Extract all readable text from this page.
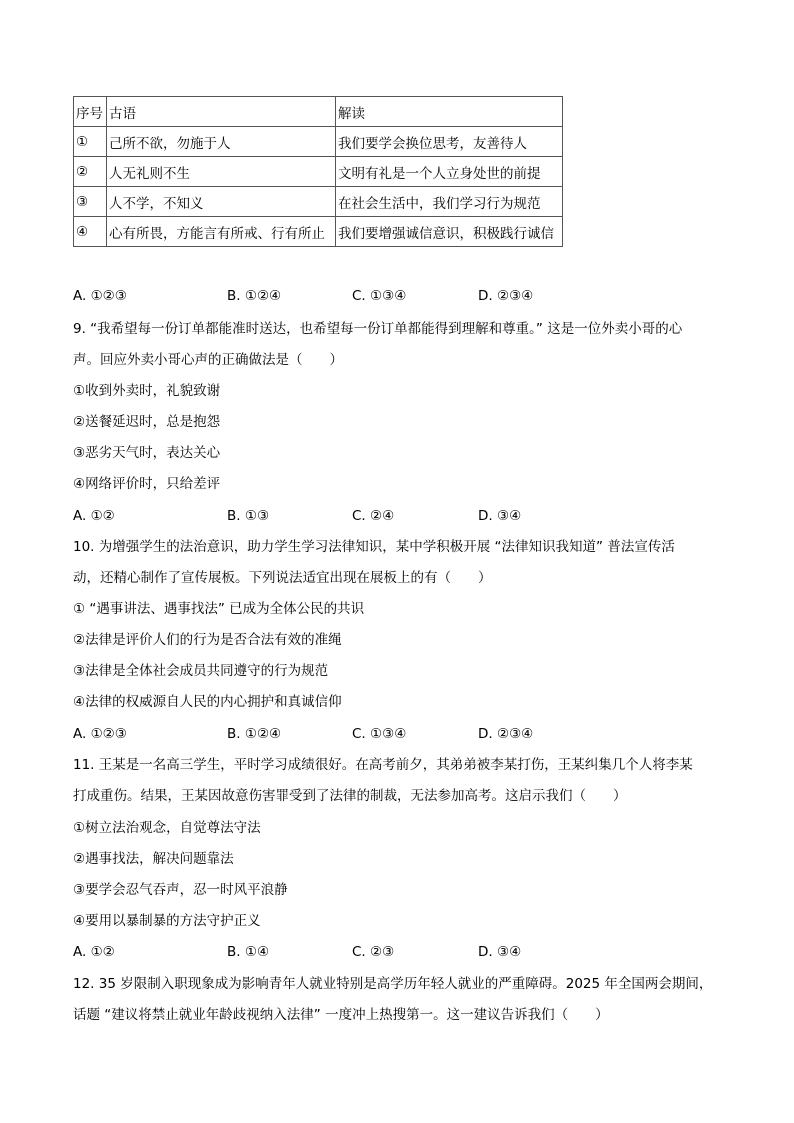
序号	古语	解读
①	己所不欲，勿施于人	我们要学会换位思考，友善待人
②	人无礼则不生	文明有礼是一个人立身处世的前提
③	人不学，不知义	在社会生活中，我们学习行为规范
④	心有所畏，方能言有所戒、行有所止	我们要增强诚信意识，积极践行诚信
A. ①②③	B. ①②④	C. ①③④	D. ②③④
9. “我希望每一份订单都能准时送达，也希望每一份订单都能得到理解和尊重。” 这是一位外卖小哥的心
声。回应外卖小哥心声的正确做法是（　　）
①收到外卖时，礼貌致谢
②送餐延迟时，总是抱怨
③恶劣天气时，表达关心
④网络评价时，只给差评
A. ①②	B. ①③	C. ②④	D. ③④
10. 为增强学生的法治意识，助力学生学习法律知识，某中学积极开展 “法律知识我知道” 普法宣传活
动，还精心制作了宣传展板。下列说法适宜出现在展板上的有（　　）
① “遇事讲法、遇事找法” 已成为全体公民的共识
②法律是评价人们的行为是否合法有效的准绳
③法律是全体社会成员共同遵守的行为规范
④法律的权威源自人民的内心拥护和真诚信仰
A. ①②③	B. ①②④	C. ①③④	D. ②③④
11. 王某是一名高三学生，平时学习成绩很好。在高考前夕，其弟弟被李某打伤，王某纠集几个人将李某
打成重伤。结果，王某因故意伤害罪受到了法律的制裁，无法参加高考。这启示我们（　　）
①树立法治观念，自觉尊法守法
②遇事找法，解决问题靠法
③要学会忍气吞声，忍一时风平浪静
④要用以暴制暴的方法守护正义
A. ①②	B. ①④	C. ②③	D. ③④
12. 35 岁限制入职现象成为影响青年人就业特别是高学历年轻人就业的严重障碍。2025 年全国两会期间，
话题 “建议将禁止就业年龄歧视纳入法律” 一度冲上热搜第一。这一建议告诉我们（　　）
